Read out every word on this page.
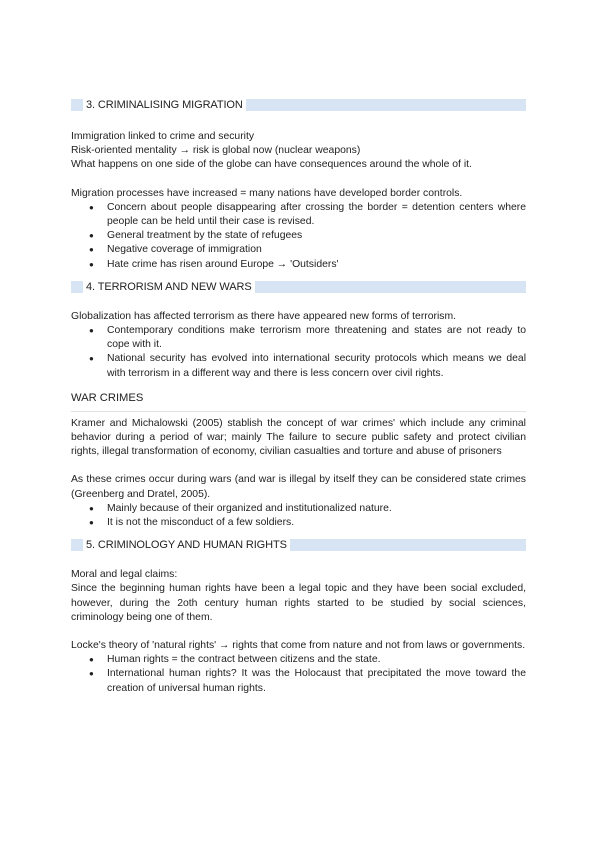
3. CRIMINALISING MIGRATION

Immigration linked to crime and security

Risk-oriented mentality → risk is global now (nuclear weapons)

What happens on one side of the globe can have consequences around the whole of it.

Migration processes have increased = many nations have developed border controls.

● Concern about people disappearing after crossing the border = detention centers where people can be held until their case is revised.
● General treatment by the state of refugees
● Negative coverage of immigration
● Hate crime has risen around Europe → 'Outsiders'
4. TERRORISM AND NEW WARS

Globalization has affected terrorism as there have appeared new forms of terrorism.

● Contemporary conditions make terrorism more threatening and states are not ready to cope with it.
● National security has evolved into international security protocols which means we deal with terrorism in a different way and there is less concern over civil rights.

WAR CRIMES

Kramer and Michalowski (2005) stablish the concept of war crimes' which include any criminal behavior during a period of war; mainly The failure to secure public safety and protect civilian rights, illegal transformation of economy, civilian casualties and torture and abuse of prisoners

As these crimes occur during wars (and war is illegal by itself they can be considered state crimes (Greenberg and Dratel, 2005).

● Mainly because of their organized and institutionalized nature.
● It is not the misconduct of a few soldiers.
5. CRIMINOLOGY AND HUMAN RIGHTS

Moral and legal claims:

Since the beginning human rights have been a legal topic and they have been social excluded, however, during the 2oth century human rights started to be studied by social sciences, criminology being one of them.

Locke's theory of 'natural rights' → rights that come from nature and not from laws or governments.

● Human rights = the contract between citizens and the state.
● International human rights? It was the Holocaust that precipitated the move toward the creation of universal human rights.
